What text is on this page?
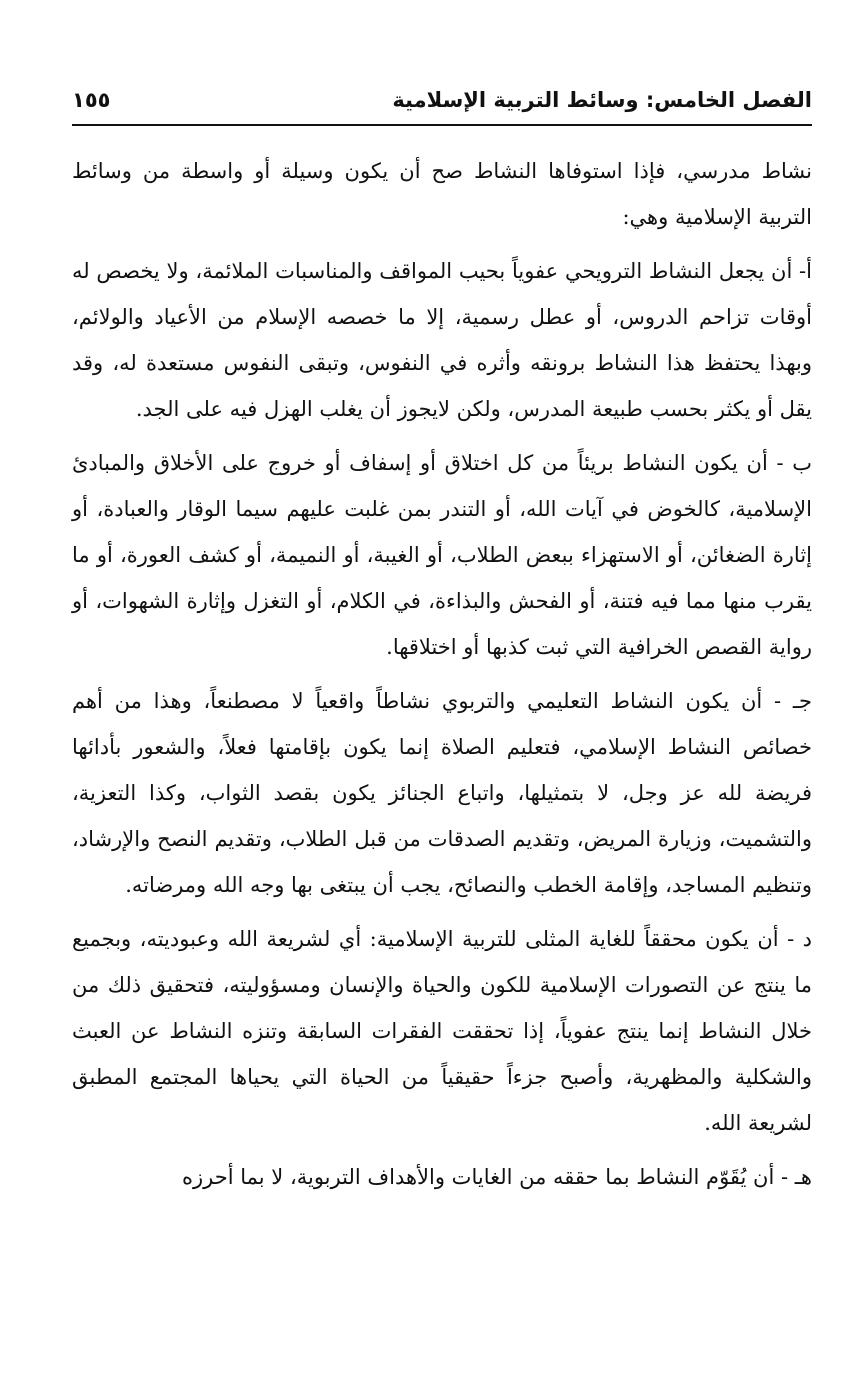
الفصل الخامس: وسائط التربية الإسلامية
١٥٥

نشاط مدرسي، فإذا استوفاها النشاط صح أن يكون وسيلة أو واسطة من وسائط التربية الإسلامية وهي:

أ- أن يجعل النشاط الترويحي عفوياً بحيب المواقف والمناسبات الملائمة، ولا يخصص له أوقات تزاحم الدروس، أو عطل رسمية، إلا ما خصصه الإسلام من الأعياد والولائم، وبهذا يحتفظ هذا النشاط برونقه وأثره في النفوس، وتبقى النفوس مستعدة له، وقد يقل أو يكثر بحسب طبيعة المدرس، ولكن لايجوز أن يغلب الهزل فيه على الجد.

ب - أن يكون النشاط بريئاً من كل اختلاق أو إسفاف أو خروج على الأخلاق والمبادئ الإسلامية، كالخوض في آيات الله، أو التندر بمن غلبت عليهم سيما الوقار والعبادة، أو إثارة الضغائن، أو الاستهزاء ببعض الطلاب، أو الغيبة، أو النميمة، أو كشف العورة، أو ما يقرب منها مما فيه فتنة، أو الفحش والبذاءة، في الكلام، أو التغزل وإثارة الشهوات، أو رواية القصص الخرافية التي ثبت كذبها أو اختلاقها.

جـ - أن يكون النشاط التعليمي والتربوي نشاطاً واقعياً لا مصطنعاً، وهذا من أهم خصائص النشاط الإسلامي، فتعليم الصلاة إنما يكون بإقامتها فعلاً، والشعور بأدائها فريضة لله عز وجل، لا بتمثيلها، واتباع الجنائز يكون بقصد الثواب، وكذا التعزية، والتشميت، وزيارة المريض، وتقديم الصدقات من قبل الطلاب، وتقديم النصح والإرشاد، وتنظيم المساجد، وإقامة الخطب والنصائح، يجب أن يبتغى بها وجه الله ومرضاته.

د - أن يكون محققاً للغاية المثلى للتربية الإسلامية: أي لشريعة الله وعبوديته، وبجميع ما ينتج عن التصورات الإسلامية للكون والحياة والإنسان ومسؤوليته، فتحقيق ذلك من خلال النشاط إنما ينتج عفوياً، إذا تحققت الفقرات السابقة وتنزه النشاط عن العبث والشكلية والمظهرية، وأصبح جزءاً حقيقياً من الحياة التي يحياها المجتمع المطبق لشريعة الله.

هـ - أن يُقَوّم النشاط بما حققه من الغايات والأهداف التربوية، لا بما أحرزه
